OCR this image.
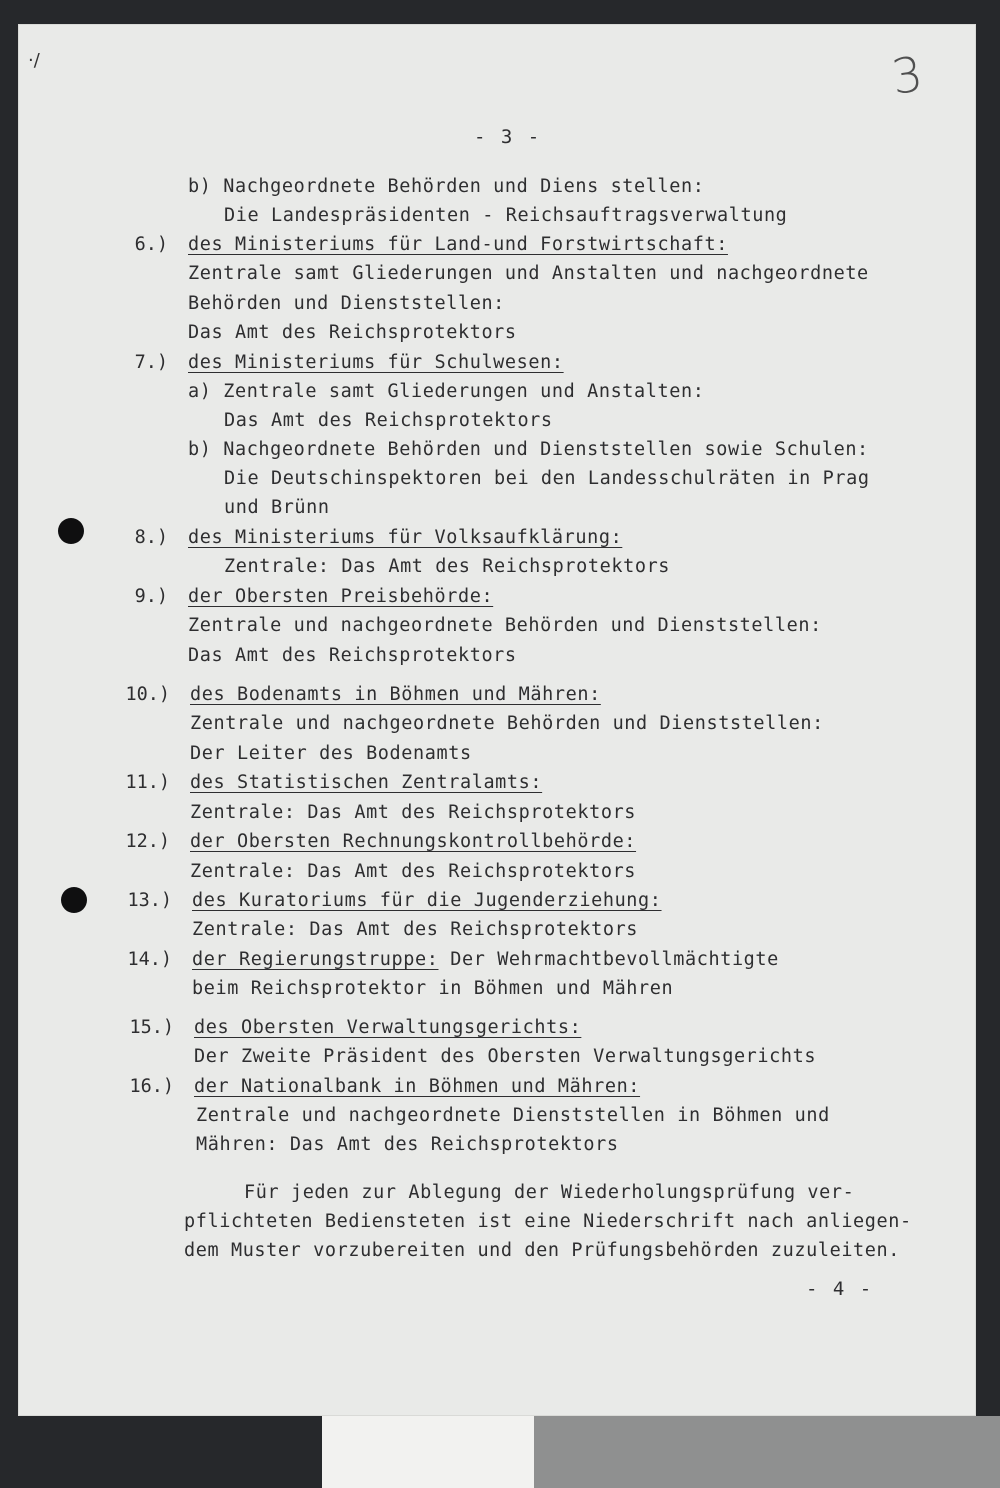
·/	3
- 3 -
b) Nachgeordnete Behörden und Diens stellen:
Die Landespräsidenten - Reichsauftragsverwaltung
6.) des Ministeriums für Land-und Forstwirtschaft:
Zentrale samt Gliederungen und Anstalten und nachgeordnete
Behörden und Dienststellen:
Das Amt des Reichsprotektors
7.) des Ministeriums für Schulwesen:
a) Zentrale samt Gliederungen und Anstalten:
Das Amt des Reichsprotektors
b) Nachgeordnete Behörden und Dienststellen sowie Schulen:
Die Deutschinspektoren bei den Landesschulräten in Prag
und Brünn
8.) des Ministeriums für Volksaufklärung:
Zentrale: Das Amt des Reichsprotektors
9.) der Obersten Preisbehörde:
Zentrale und nachgeordnete Behörden und Dienststellen:
Das Amt des Reichsprotektors
10.) des Bodenamts in Böhmen und Mähren:
Zentrale und nachgeordnete Behörden und Dienststellen:
Der Leiter des Bodenamts
11.) des Statistischen Zentralamts:
Zentrale: Das Amt des Reichsprotektors
12.) der Obersten Rechnungskontrollbehörde:
Zentrale: Das Amt des Reichsprotektors
13.) des Kuratoriums für die Jugenderziehung:
Zentrale: Das Amt des Reichsprotektors
14.) der Regierungstruppe: Der Wehrmachtbevollmächtigte
beim Reichsprotektor in Böhmen und Mähren
15.) des Obersten Verwaltungsgerichts:
Der Zweite Präsident des Obersten Verwaltungsgerichts
16.) der Nationalbank in Böhmen und Mähren:
Zentrale und nachgeordnete Dienststellen in Böhmen und
Mähren: Das Amt des Reichsprotektors
Für jeden zur Ablegung der Wiederholungsprüfung ver-
pflichteten Bediensteten ist eine Niederschrift nach anliegen-
dem Muster vorzubereiten und den Prüfungsbehörden zuzuleiten.
- 4 -
